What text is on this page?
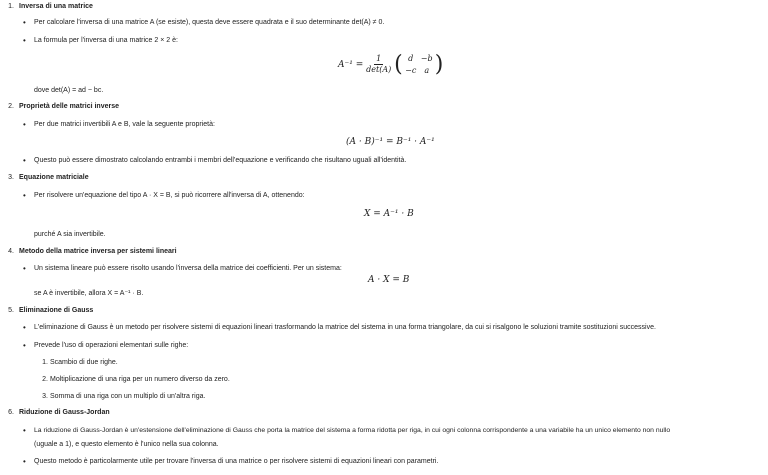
1. Inversa di una matrice
• Per calcolare l'inversa di una matrice A (se esiste), questa deve essere quadrata e il suo determinante det(A) ≠ 0.
• La formula per l'inversa di una matrice 2 × 2 è:
$A^{-1} = \frac{1}{\det(A)}$ ( d −b
−c	a )
dove det(A) = ad − bc.
2. Proprietà delle matrici inverse
• Per due matrici invertibili A e B, vale la seguente proprietà:
(A · B)⁻¹ = B⁻¹ · A⁻¹
• Questo può essere dimostrato calcolando entrambi i membri dell'equazione e verificando che risultano uguali all'identità.
3. Equazione matriciale
• Per risolvere un'equazione del tipo A · X = B, si può ricorrere all'inversa di A, ottenendo:
X = A⁻¹ · B
purché A sia invertibile.
4. Metodo della matrice inversa per sistemi lineari
• Un sistema lineare può essere risolto usando l'inversa della matrice dei coefficienti. Per un sistema:
A · X = B
se A è invertibile, allora X = A⁻¹ · B.
5. Eliminazione di Gauss
• L'eliminazione di Gauss è un metodo per risolvere sistemi di equazioni lineari trasformando la matrice del sistema in una forma triangolare, da cui si risalgono le soluzioni tramite sostituzioni successive.
• Prevede l'uso di operazioni elementari sulle righe:
1. Scambio di due righe.
2. Moltiplicazione di una riga per un numero diverso da zero.
3. Somma di una riga con un multiplo di un'altra riga.
6. Riduzione di Gauss-Jordan
• La riduzione di Gauss-Jordan è un'estensione dell'eliminazione di Gauss che porta la matrice del sistema a forma ridotta per riga, in cui ogni colonna corrispondente a una variabile ha un unico elemento non nullo
(uguale a 1), e questo elemento è l'unico nella sua colonna.
• Questo metodo è particolarmente utile per trovare l'inversa di una matrice o per risolvere sistemi di equazioni lineari con parametri.
